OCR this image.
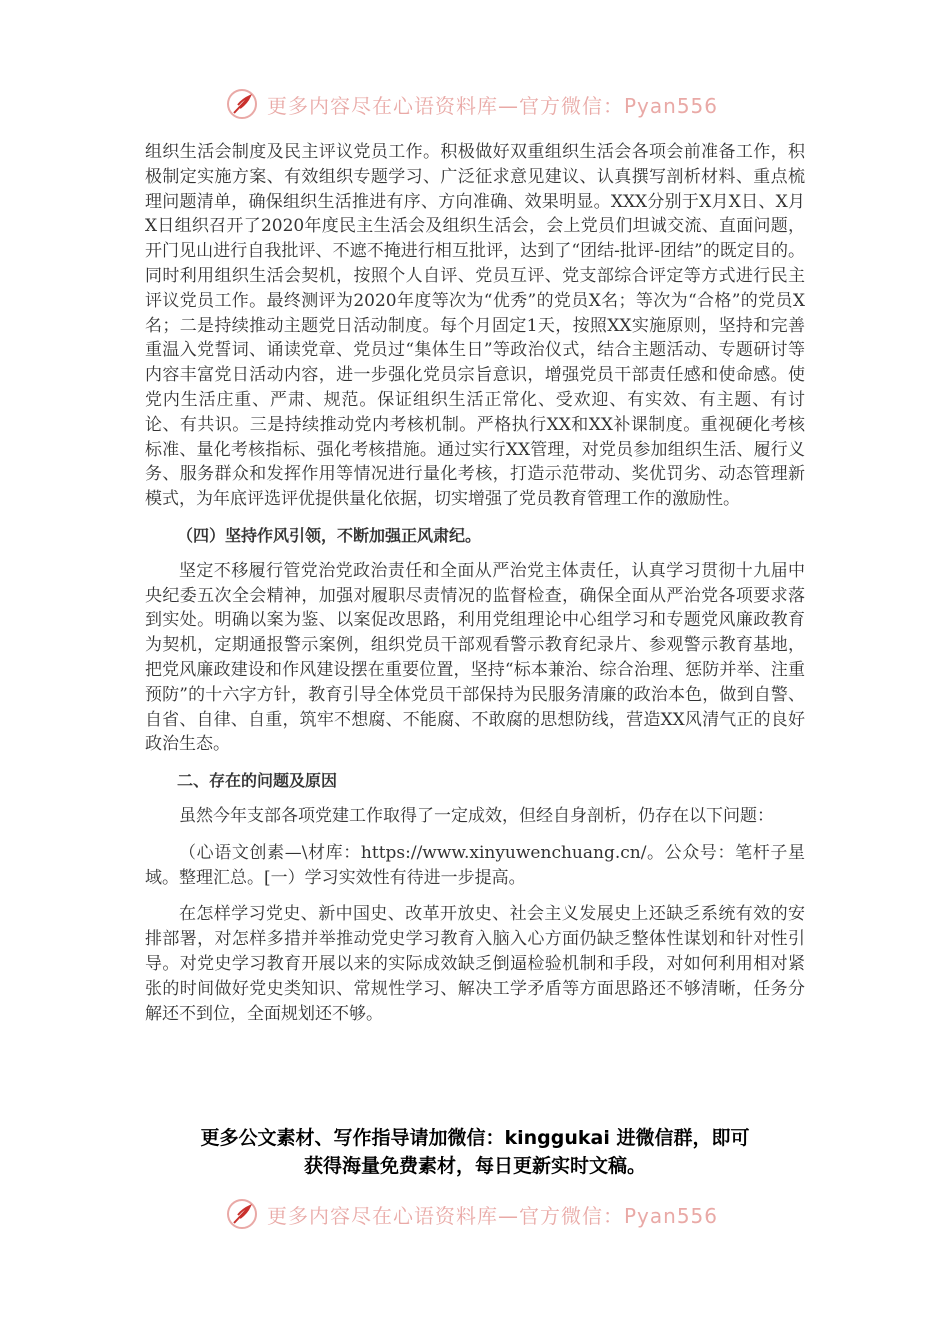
更多内容尽在心语资料库—官方微信：Pyan556

组织生活会制度及民主评议党员工作。积极做好双重组织生活会各项会前准备工作，积极制定实施方案、有效组织专题学习、广泛征求意见建议、认真撰写剖析材料、重点梳理问题清单，确保组织生活推进有序、方向准确、效果明显。XXX分别于X月X日、X月X日组织召开了2020年度民主生活会及组织生活会，会上党员们坦诚交流、直面问题，开门见山进行自我批评、不遮不掩进行相互批评，达到了“团结-批评-团结”的既定目的。同时利用组织生活会契机，按照个人自评、党员互评、党支部综合评定等方式进行民主评议党员工作。最终测评为2020年度等次为“优秀”的党员X名；等次为“合格”的党员X名；二是持续推动主题党日活动制度。每个月固定1天，按照XX实施原则，坚持和完善重温入党誓词、诵读党章、党员过“集体生日”等政治仪式，结合主题活动、专题研讨等内容丰富党日活动内容，进一步强化党员宗旨意识，增强党员干部责任感和使命感。使党内生活庄重、严肃、规范。保证组织生活正常化、受欢迎、有实效、有主题、有讨论、有共识。三是持续推动党内考核机制。严格执行XX和XX补课制度。重视硬化考核标准、量化考核指标、强化考核措施。通过实行XX管理，对党员参加组织生活、履行义务、服务群众和发挥作用等情况进行量化考核，打造示范带动、奖优罚劣、动态管理新模式，为年底评选评优提供量化依据，切实增强了党员教育管理工作的激励性。

（四）坚持作风引领，不断加强正风肃纪。

坚定不移履行管党治党政治责任和全面从严治党主体责任，认真学习贯彻十九届中央纪委五次全会精神，加强对履职尽责情况的监督检查，确保全面从严治党各项要求落到实处。明确以案为鉴、以案促改思路，利用党组理论中心组学习和专题党风廉政教育为契机，定期通报警示案例，组织党员干部观看警示教育纪录片、参观警示教育基地，把党风廉政建设和作风建设摆在重要位置，坚持“标本兼治、综合治理、惩防并举、注重预防”的十六字方针，教育引导全体党员干部保持为民服务清廉的政治本色，做到自警、自省、自律、自重，筑牢不想腐、不能腐、不敢腐的思想防线，营造XX风清气正的良好政治生态。

二、存在的问题及原因

虽然今年支部各项党建工作取得了一定成效，但经自身剖析，仍存在以下问题：

（心语文创素—\材库：https://www.xinyuwenchuang.cn/。公众号：笔杆子星域。整理汇总。[一）学习实效性有待进一步提高。

在怎样学习党史、新中国史、改革开放史、社会主义发展史上还缺乏系统有效的安排部署，对怎样多措并举推动党史学习教育入脑入心方面仍缺乏整体性谋划和针对性引导。对党史学习教育开展以来的实际成效缺乏倒逼检验机制和手段，对如何利用相对紧张的时间做好党史类知识、常规性学习、解决工学矛盾等方面思路还不够清晰，任务分解还不到位，全面规划还不够。

更多公文素材、写作指导请加微信：kinggukai 进微信群，即可
获得海量免费素材，每日更新实时文稿。
更多内容尽在心语资料库—官方微信：Pyan556
